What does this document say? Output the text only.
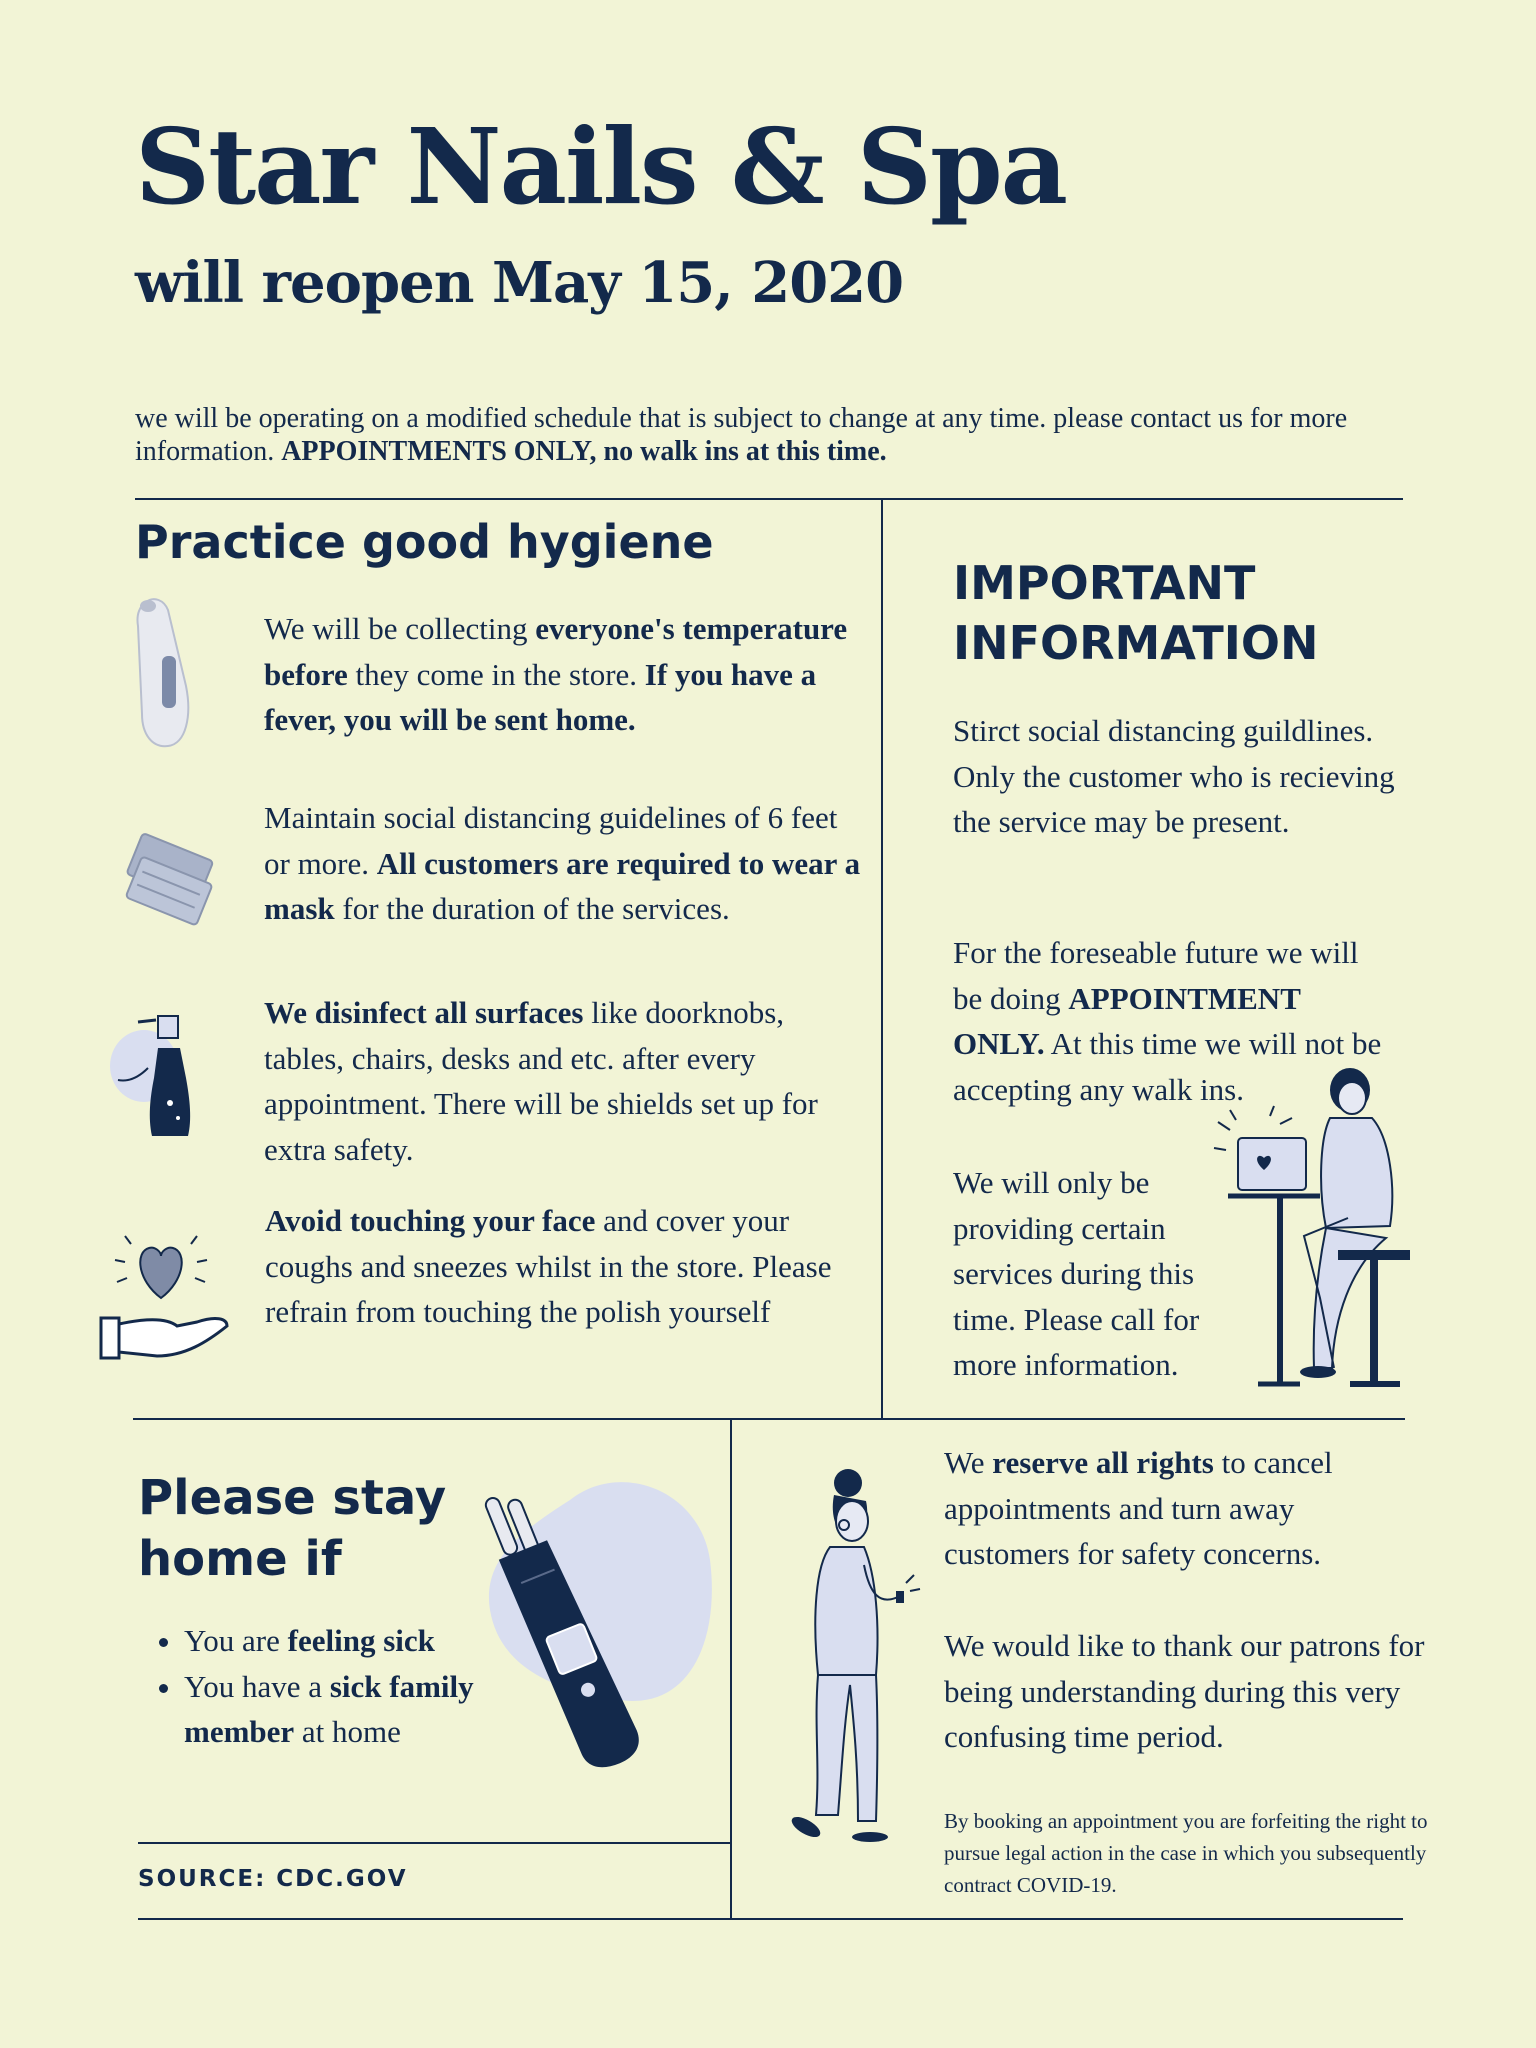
Star Nails & Spa
will reopen May 15, 2020

we will be operating on a modified schedule that is subject to change at any time. please contact us for more information. APPOINTMENTS ONLY, no walk ins at this time.

Practice good hygiene

We will be collecting everyone's temperature before they come in the store. If you have a fever, you will be sent home.

Maintain social distancing guidelines of 6 feet or more. All customers are required to wear a mask for the duration of the services.

We disinfect all surfaces like doorknobs, tables, chairs, desks and etc. after every appointment. There will be shields set up for extra safety.

Avoid touching your face and cover your coughs and sneezes whilst in the store. Please refrain from touching the polish yourself

IMPORTANT
INFORMATION

Stirct social distancing guildlines. Only the customer who is recieving the service may be present.

For the foreseable future we will be doing APPOINTMENT ONLY. At this time we will not be accepting any walk ins.

We will only be providing certain services during this time. Please call for more information.

Please stay
home if
• You are feeling sick
• You have a sick family member at home
SOURCE: CDC.GOV

We reserve all rights to cancel appointments and turn away customers for safety concerns.

We would like to thank our patrons for being understanding during this very confusing time period.

By booking an appointment you are forfeiting the right to pursue legal action in the case in which you subsequently contract COVID-19.
